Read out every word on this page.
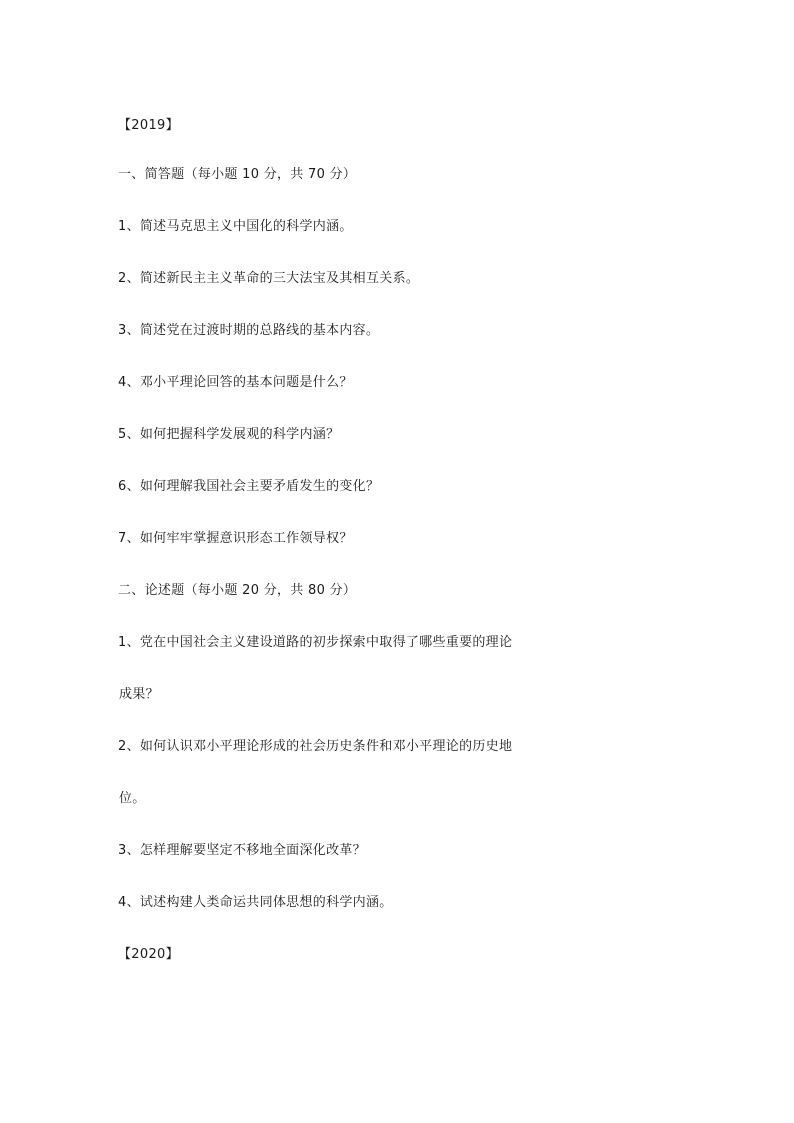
【2019】

一、简答题（每小题 10 分，共 70 分）

1、简述马克思主义中国化的科学内涵。

2、简述新民主主义革命的三大法宝及其相互关系。

3、简述党在过渡时期的总路线的基本内容。

4、邓小平理论回答的基本问题是什么？

5、如何把握科学发展观的科学内涵？

6、如何理解我国社会主要矛盾发生的变化？

7、如何牢牢掌握意识形态工作领导权？

二、论述题（每小题 20 分，共 80 分）

1、党在中国社会主义建设道路的初步探索中取得了哪些重要的理论

成果？

2、如何认识邓小平理论形成的社会历史条件和邓小平理论的历史地

位。

3、怎样理解要坚定不移地全面深化改革？

4、试述构建人类命运共同体思想的科学内涵。

【2020】
